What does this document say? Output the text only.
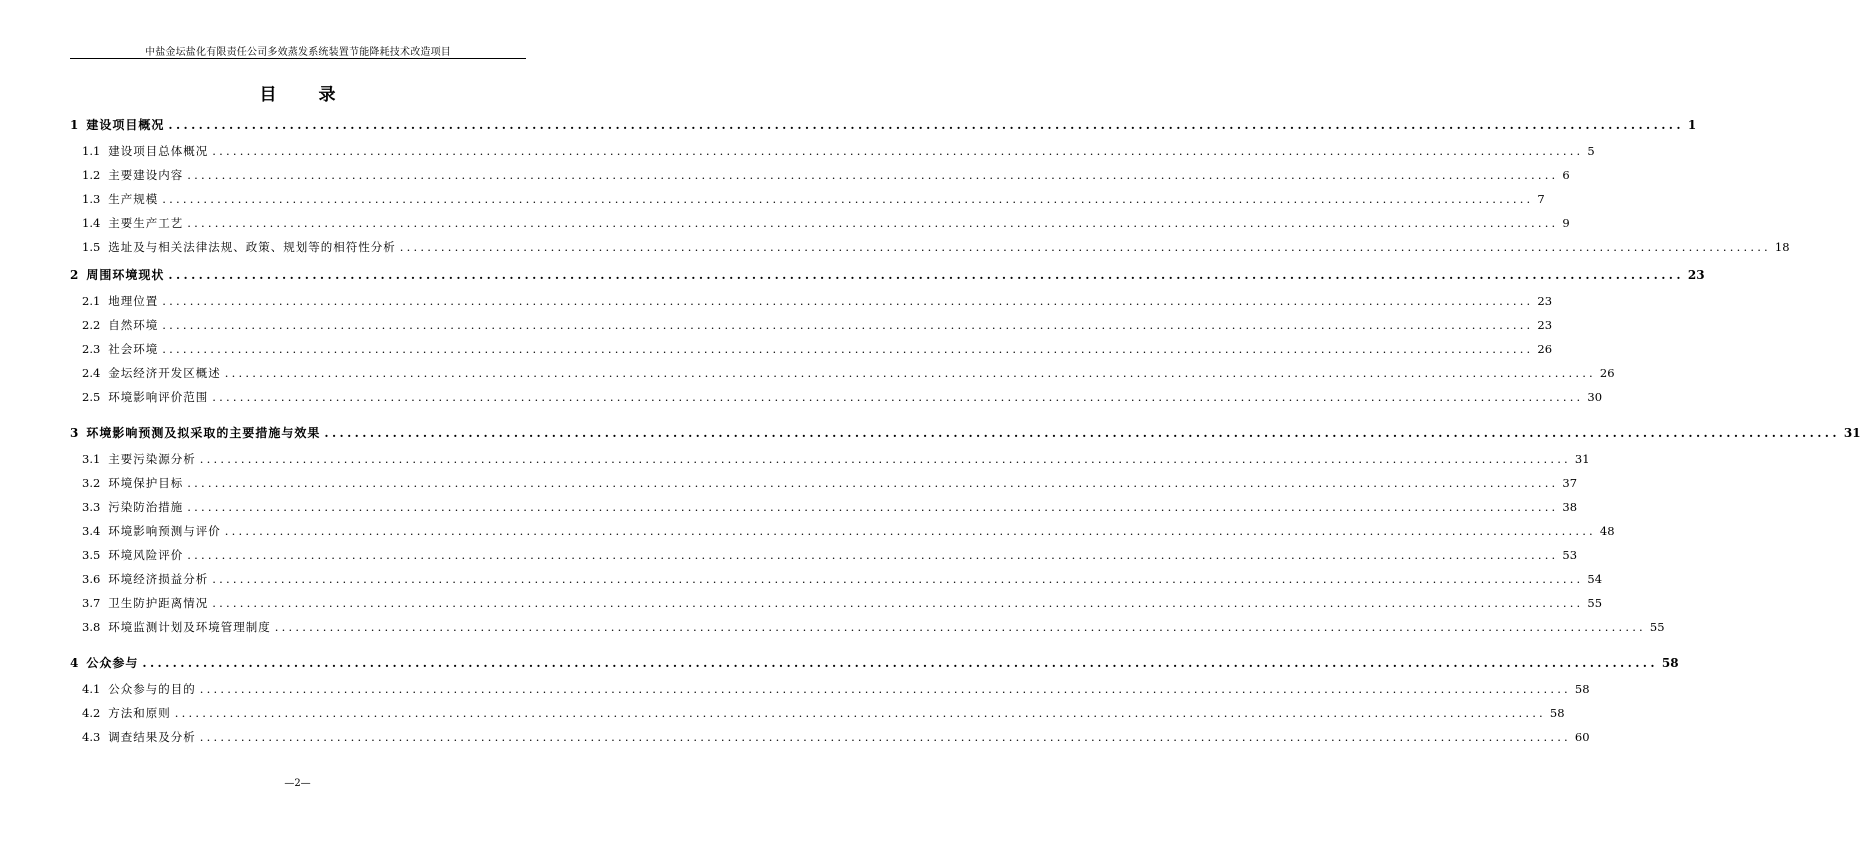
中盐金坛盐化有限责任公司多效蒸发系统装置节能降耗技术改造项目
目 录
1 建设项目概况 ........................................................................................................................................................................................................ 1
1.1 建设项目总体概况 ........................................................................................................................................................................................................ 5
1.2 主要建设内容 ........................................................................................................................................................................................................ 6
1.3 生产规模 ........................................................................................................................................................................................................ 7
1.4 主要生产工艺 ........................................................................................................................................................................................................ 9
1.5 选址及与相关法律法规、政策、规划等的相符性分析 ........................................................................................................................................................................................................ 18
2 周围环境现状 ........................................................................................................................................................................................................ 23
2.1 地理位置 ........................................................................................................................................................................................................ 23
2.2 自然环境 ........................................................................................................................................................................................................ 23
2.3 社会环境 ........................................................................................................................................................................................................ 26
2.4 金坛经济开发区概述 ........................................................................................................................................................................................................ 26
2.5 环境影响评价范围 ........................................................................................................................................................................................................ 30
3 环境影响预测及拟采取的主要措施与效果 ........................................................................................................................................................................................................ 31
3.1 主要污染源分析 ........................................................................................................................................................................................................ 31
3.2 环境保护目标 ........................................................................................................................................................................................................ 37
3.3 污染防治措施 ........................................................................................................................................................................................................ 38
3.4 环境影响预测与评价 ........................................................................................................................................................................................................ 48
3.5 环境风险评价 ........................................................................................................................................................................................................ 53
3.6 环境经济损益分析 ........................................................................................................................................................................................................ 54
3.7 卫生防护距离情况 ........................................................................................................................................................................................................ 55
3.8 环境监测计划及环境管理制度 ........................................................................................................................................................................................................ 55
4 公众参与 ........................................................................................................................................................................................................ 58
4.1 公众参与的目的 ........................................................................................................................................................................................................ 58
4.2 方法和原则 ........................................................................................................................................................................................................ 58
4.3 调查结果及分析 ........................................................................................................................................................................................................ 60
—2—
